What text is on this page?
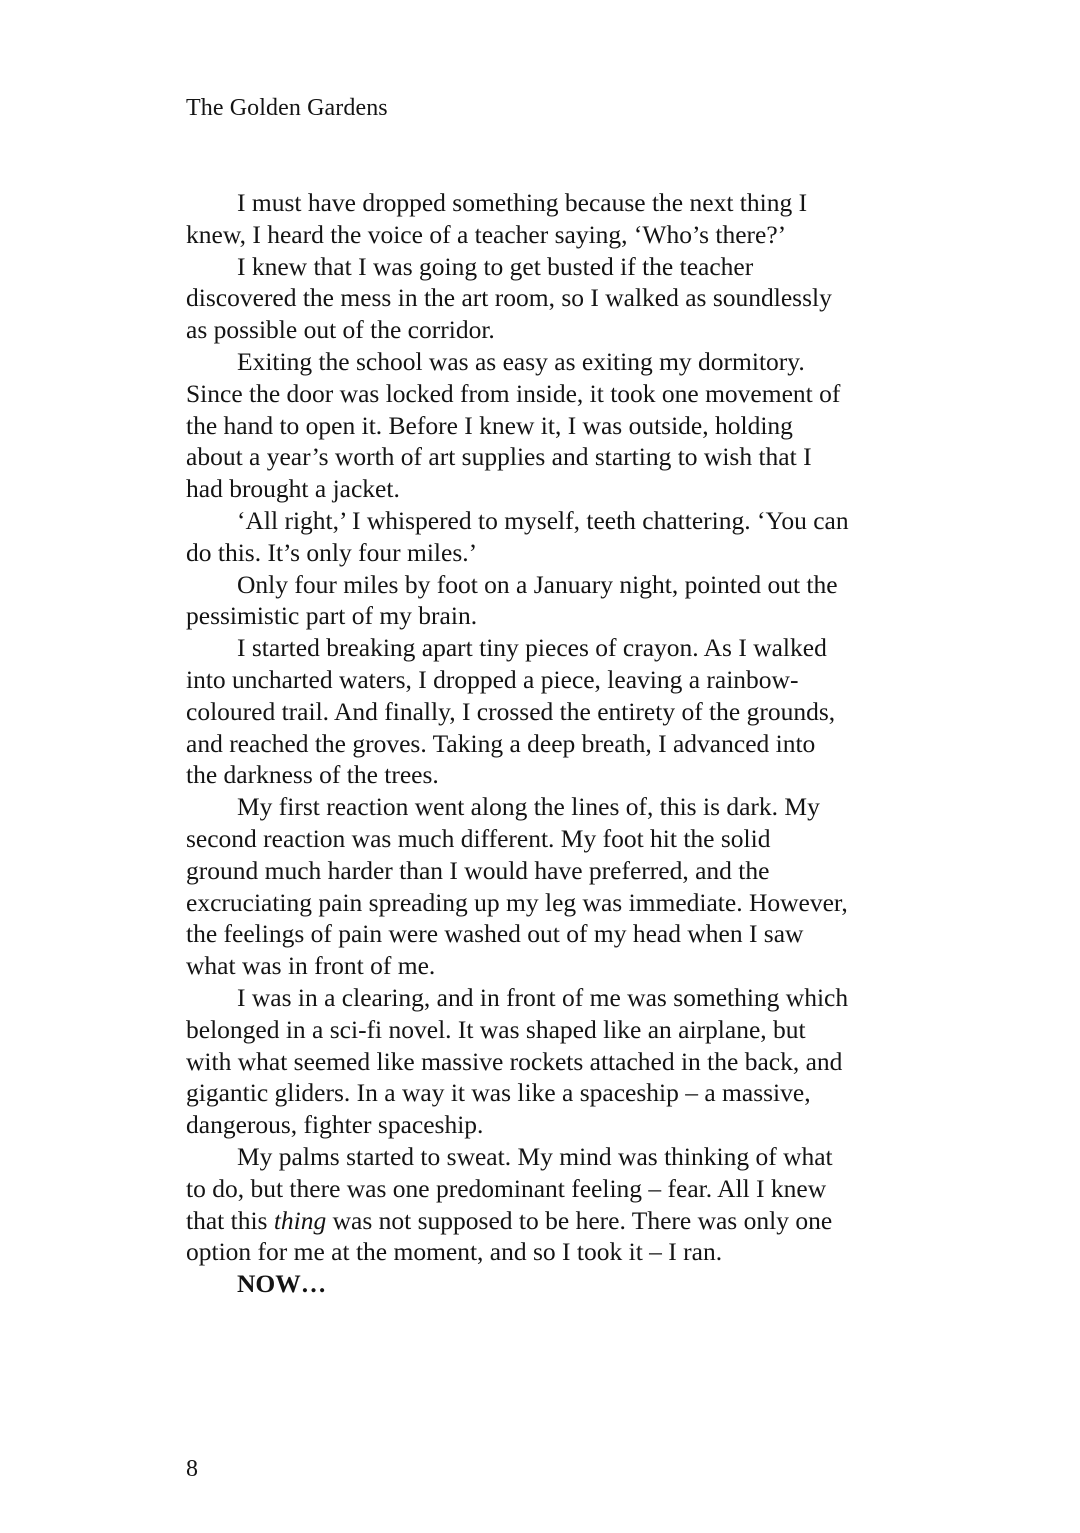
The Golden Gardens

I must have dropped something because the next thing I
knew, I heard the voice of a teacher saying, ‘Who’s there?’

I knew that I was going to get busted if the teacher
discovered the mess in the art room, so I walked as soundlessly
as possible out of the corridor.

Exiting the school was as easy as exiting my dormitory.
Since the door was locked from inside, it took one movement of
the hand to open it. Before I knew it, I was outside, holding
about a year’s worth of art supplies and starting to wish that I
had brought a jacket.

‘All right,’ I whispered to myself, teeth chattering. ‘You can
do this. It’s only four miles.’

Only four miles by foot on a January night, pointed out the
pessimistic part of my brain.

I started breaking apart tiny pieces of crayon. As I walked
into uncharted waters, I dropped a piece, leaving a rainbow-
coloured trail. And finally, I crossed the entirety of the grounds,
and reached the groves. Taking a deep breath, I advanced into
the darkness of the trees.

My first reaction went along the lines of, this is dark. My
second reaction was much different. My foot hit the solid
ground much harder than I would have preferred, and the
excruciating pain spreading up my leg was immediate. However,
the feelings of pain were washed out of my head when I saw
what was in front of me.

I was in a clearing, and in front of me was something which
belonged in a sci-fi novel. It was shaped like an airplane, but
with what seemed like massive rockets attached in the back, and
gigantic gliders. In a way it was like a spaceship – a massive,
dangerous, fighter spaceship.

My palms started to sweat. My mind was thinking of what
to do, but there was one predominant feeling – fear. All I knew
that this thing was not supposed to be here. There was only one
option for me at the moment, and so I took it – I ran.

NOW…

8
